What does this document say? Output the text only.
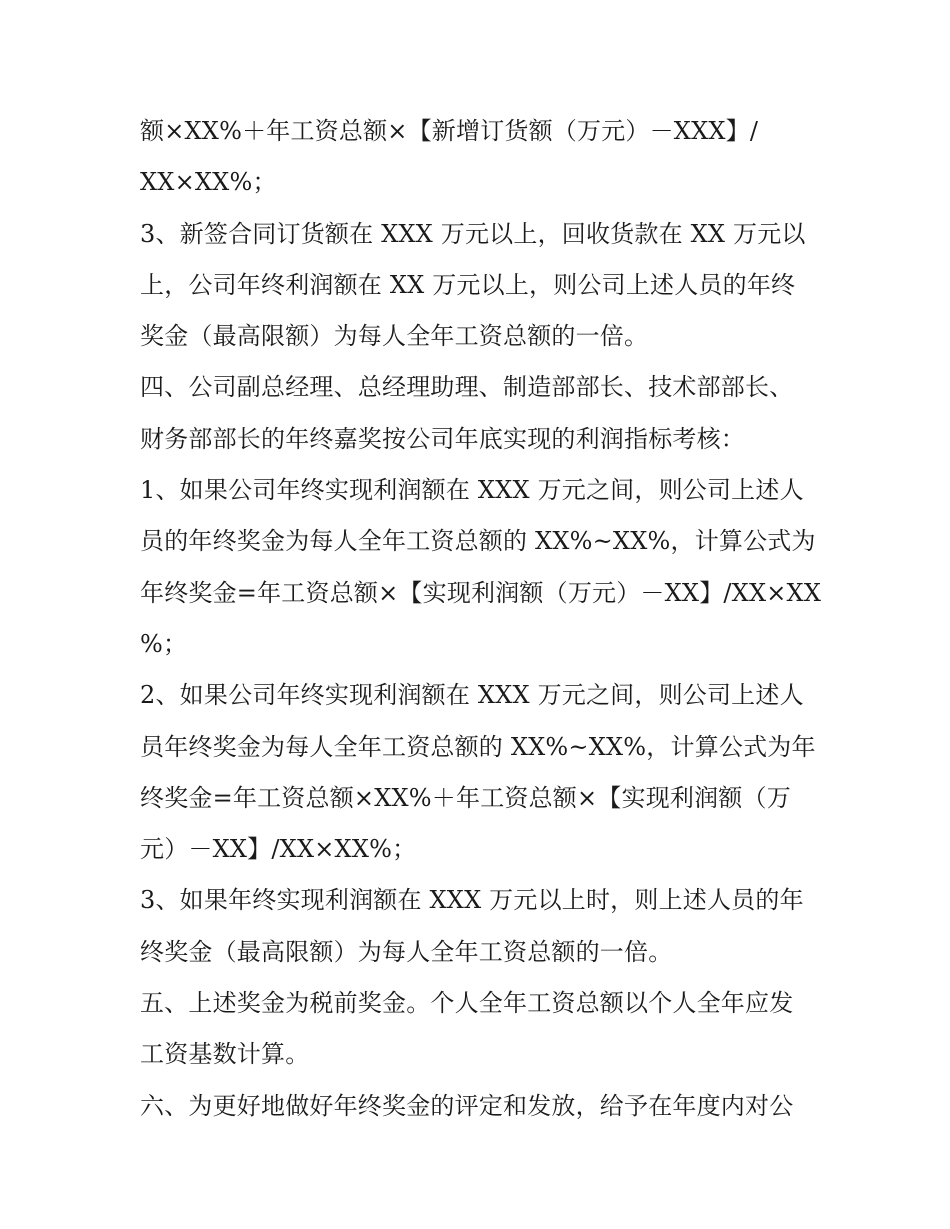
额×XX%＋年工资总额×【新增订货额（万元）－XXX】/
XX×XX%；
3、新签合同订货额在 XXX 万元以上，回收货款在 XX 万元以
上，公司年终利润额在 XX 万元以上，则公司上述人员的年终
奖金（最高限额）为每人全年工资总额的一倍。
四、公司副总经理、总经理助理、制造部部长、技术部部长、
财务部部长的年终嘉奖按公司年底实现的利润指标考核：
1、如果公司年终实现利润额在 XXX 万元之间，则公司上述人
员的年终奖金为每人全年工资总额的 XX%~XX%，计算公式为
年终奖金=年工资总额×【实现利润额（万元）－XX】/XX×XX
%；
2、如果公司年终实现利润额在 XXX 万元之间，则公司上述人
员年终奖金为每人全年工资总额的 XX%~XX%，计算公式为年
终奖金=年工资总额×XX%＋年工资总额×【实现利润额（万
元）－XX】/XX×XX%；
3、如果年终实现利润额在 XXX 万元以上时，则上述人员的年
终奖金（最高限额）为每人全年工资总额的一倍。
五、上述奖金为税前奖金。个人全年工资总额以个人全年应发
工资基数计算。
六、为更好地做好年终奖金的评定和发放，给予在年度内对公
